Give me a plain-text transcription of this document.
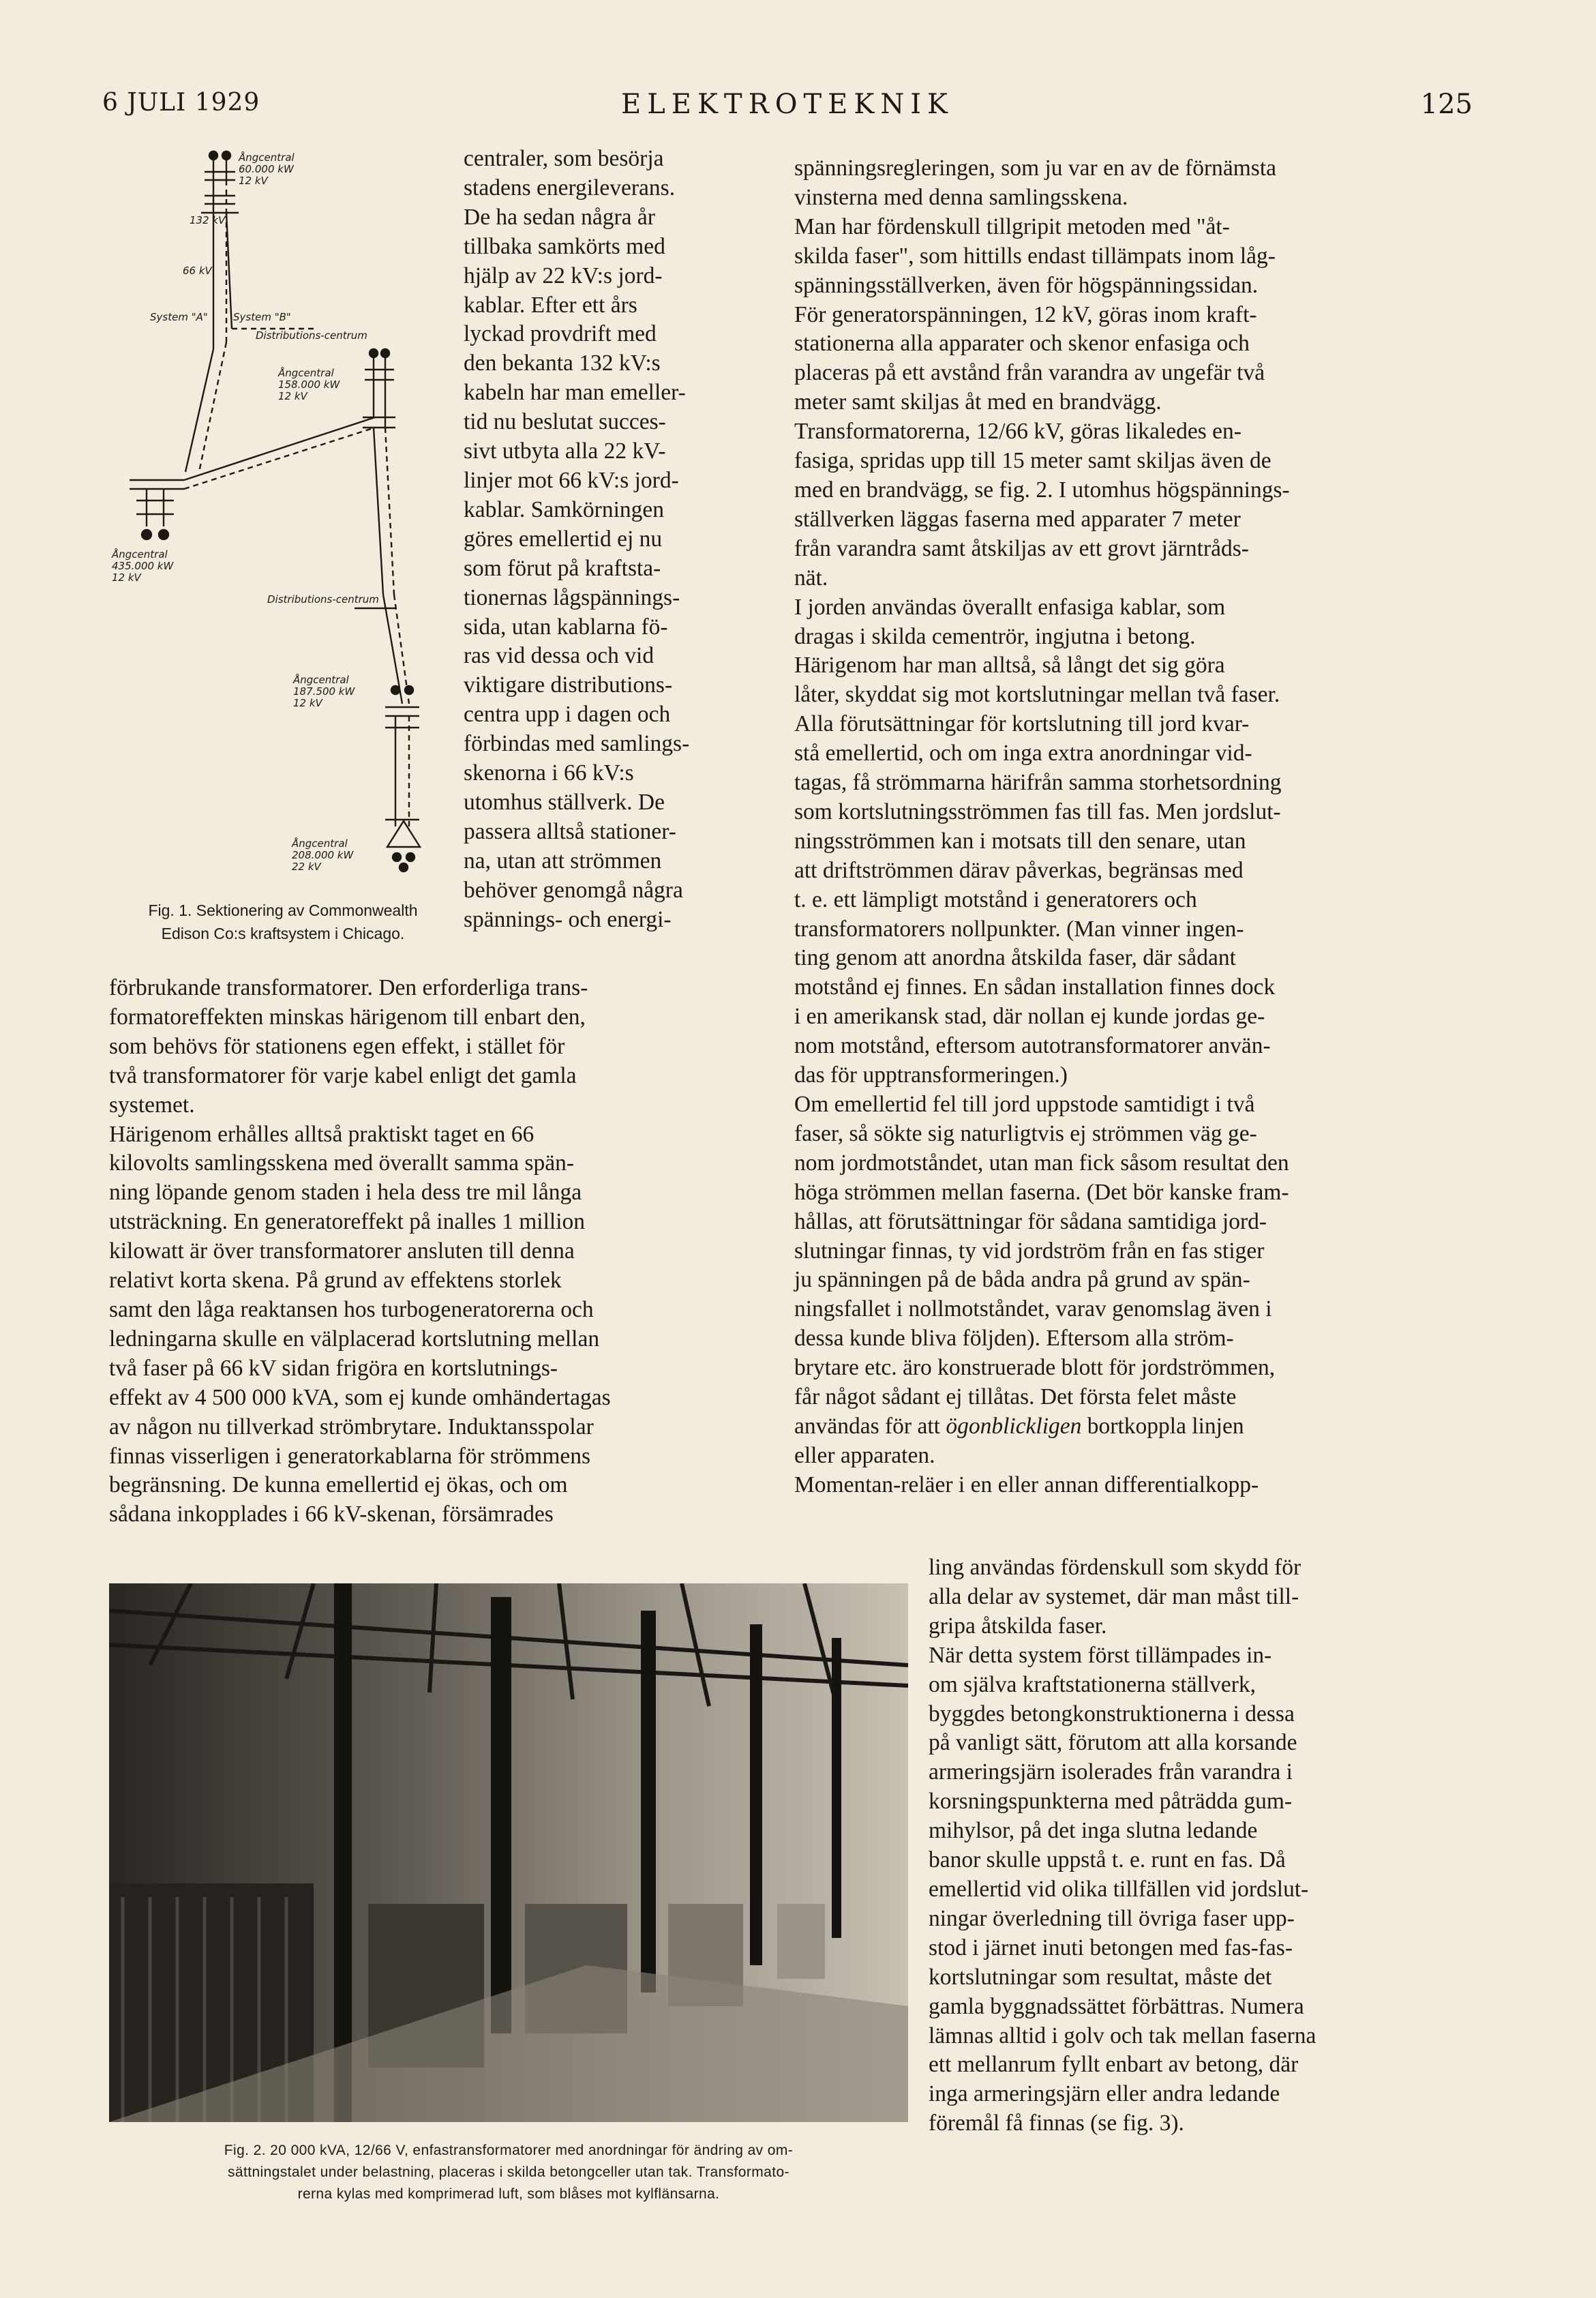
6 JULI 1929	ELEKTROTEKNIK	125
132 kV
66 kV
System "A" System "B"
Ångcentral 60.000 kW 12 kV
Distributions-centrum
Ångcentral 158.000 kW 12 kV
Ångcentral 435.000 kW 12 kV
Distributions-centrum
Ångcentral 187.500 kW 12 kV
Ångcentral 208.000 kW 22 kV
Fig. 1. Sektionering av Commonwealth
Edison Co:s kraftsystem i Chicago.

centraler, som besörja
stadens energileverans.
De ha sedan några år
tillbaka samkörts med
hjälp av 22 kV:s jord-
kablar. Efter ett års
lyckad provdrift med
den bekanta 132 kV:s
kabeln har man emeller-
tid nu beslutat succes-
sivt utbyta alla 22 kV-
linjer mot 66 kV:s jord-
kablar. Samkörningen
göres emellertid ej nu
som förut på kraftsta-
tionernas lågspännings-
sida, utan kablarna fö-
ras vid dessa och vid
viktigare distributions-
centra upp i dagen och
förbindas med samlings-
skenorna i 66 kV:s
utomhus ställverk. De
passera alltså stationer-
na, utan att strömmen
behöver genomgå några
spännings- och energi-

förbrukande transformatorer. Den erforderliga trans-
formatoreffekten minskas härigenom till enbart den,
som behövs för stationens egen effekt, i stället för
två transformatorer för varje kabel enligt det gamla
systemet.
Härigenom erhålles alltså praktiskt taget en 66
kilovolts samlingsskena med överallt samma spän-
ning löpande genom staden i hela dess tre mil långa
utsträckning. En generatoreffekt på inalles 1 million
kilowatt är över transformatorer ansluten till denna
relativt korta skena. På grund av effektens storlek
samt den låga reaktansen hos turbogeneratorerna och
ledningarna skulle en välplacerad kortslutning mellan
två faser på 66 kV sidan frigöra en kortslutnings-
effekt av 4 500 000 kVA, som ej kunde omhändertagas
av någon nu tillverkad strömbrytare. Induktansspolar
finnas visserligen i generatorkablarna för strömmens
begränsning. De kunna emellertid ej ökas, och om
sådana inkopplades i 66 kV-skenan, försämrades

spänningsregleringen, som ju var en av de förnämsta
vinsterna med denna samlingsskena.
Man har fördenskull tillgripit metoden med "åt-
skilda faser", som hittills endast tillämpats inom låg-
spänningsställverken, även för högspänningssidan.
För generatorspänningen, 12 kV, göras inom kraft-
stationerna alla apparater och skenor enfasiga och
placeras på ett avstånd från varandra av ungefär två
meter samt skiljas åt med en brandvägg.
Transformatorerna, 12/66 kV, göras likaledes en-
fasiga, spridas upp till 15 meter samt skiljas även de
med en brandvägg, se fig. 2. I utomhus högspännings-
ställverken läggas faserna med apparater 7 meter
från varandra samt åtskiljas av ett grovt järntråds-
nät.
I jorden användas överallt enfasiga kablar, som
dragas i skilda cementrör, ingjutna i betong.
Härigenom har man alltså, så långt det sig göra
låter, skyddat sig mot kortslutningar mellan två faser.
Alla förutsättningar för kortslutning till jord kvar-
stå emellertid, och om inga extra anordningar vid-
tagas, få strömmarna härifrån samma storhetsordning
som kortslutningsströmmen fas till fas. Men jordslut-
ningsströmmen kan i motsats till den senare, utan
att driftströmmen därav påverkas, begränsas med
t. e. ett lämpligt motstånd i generatorers och
transformatorers nollpunkter. (Man vinner ingen-
ting genom att anordna åtskilda faser, där sådant
motstånd ej finnes. En sådan installation finnes dock
i en amerikansk stad, där nollan ej kunde jordas ge-
nom motstånd, eftersom autotransformatorer använ-
das för upptransformeringen.)
Om emellertid fel till jord uppstode samtidigt i två
faser, så sökte sig naturligtvis ej strömmen väg ge-
nom jordmotståndet, utan man fick såsom resultat den
höga strömmen mellan faserna. (Det bör kanske fram-
hållas, att förutsättningar för sådana samtidiga jord-
slutningar finnas, ty vid jordström från en fas stiger
ju spänningen på de båda andra på grund av spän-
ningsfallet i nollmotståndet, varav genomslag även i
dessa kunde bliva följden). Eftersom alla ström-
brytare etc. äro konstruerade blott för jordströmmen,
får något sådant ej tillåtas. Det första felet måste
användas för att ögonblickligen bortkoppla linjen
eller apparaten.
Momentan-reläer i en eller annan differentialkopp-

ling användas fördenskull som skydd för
alla delar av systemet, där man måst till-
gripa åtskilda faser.
När detta system först tillämpades in-
om själva kraftstationerna ställverk,
byggdes betongkonstruktionerna i dessa
på vanligt sätt, förutom att alla korsande
armeringsjärn isolerades från varandra i
korsningspunkterna med påträdda gum-
mihylsor, på det inga slutna ledande
banor skulle uppstå t. e. runt en fas. Då
emellertid vid olika tillfällen vid jordslut-
ningar överledning till övriga faser upp-
stod i järnet inuti betongen med fas-fas-
kortslutningar som resultat, måste det
gamla byggnadssättet förbättras. Numera
lämnas alltid i golv och tak mellan faserna
ett mellanrum fyllt enbart av betong, där
inga armeringsjärn eller andra ledande
föremål få finnas (se fig. 3).

Fig. 2. 20 000 kVA, 12/66 V, enfastransformatorer med anordningar för ändring av om-
sättningstalet under belastning, placeras i skilda betongceller utan tak. Transformato-
rerna kylas med komprimerad luft, som blåses mot kylflänsarna.
